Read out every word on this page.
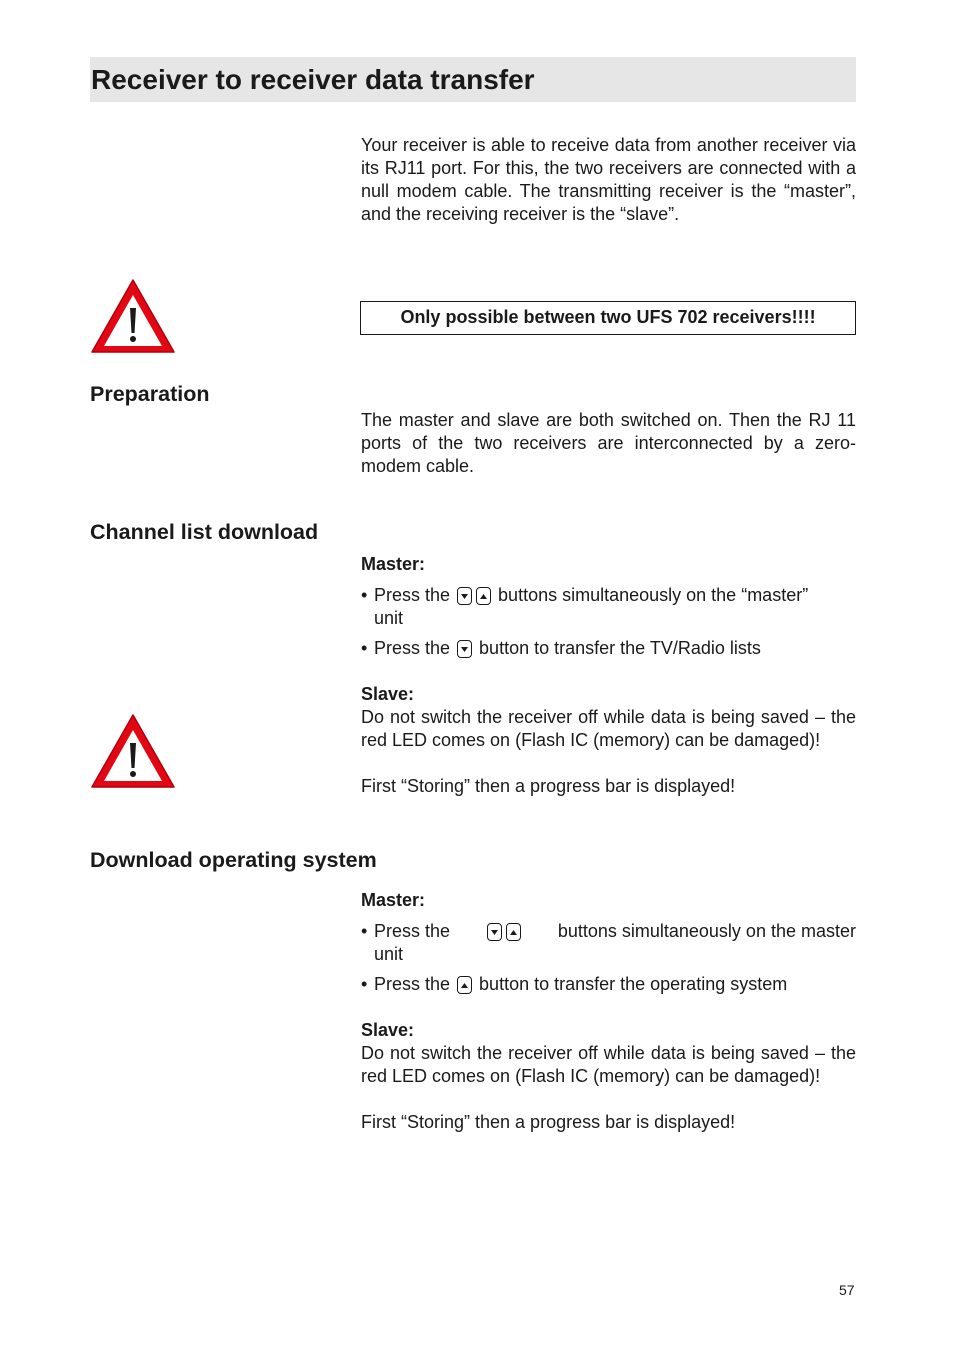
Receiver to receiver data transfer
Your receiver is able to receive data from another receiver via its RJ11 port. For this, the two receivers are connected with a null modem cable. The transmitting receiver is the “master”, and the receiving receiver is the “slave”.
Only possible between two UFS 702 receivers!!!!
Preparation
The master and slave are both switched on. Then the RJ 11 ports of the two receivers are interconnected by a zero-modem cable.
Channel list download
Master:
• Press the	buttons simultaneously on the “master”
unit
• Press the button to transfer the TV/Radio lists
Slave:
Do not switch the receiver off while data is being saved – the red LED comes on (Flash IC (memory) can be damaged)!
First “Storing” then a progress bar is displayed!
Download operating system
Master:
• Press the	buttons simultaneously on the master
unit
• Press the button to transfer the operating system
Slave:
Do not switch the receiver off while data is being saved – the red LED comes on (Flash IC (memory) can be damaged)!
First “Storing” then a progress bar is displayed!
57
